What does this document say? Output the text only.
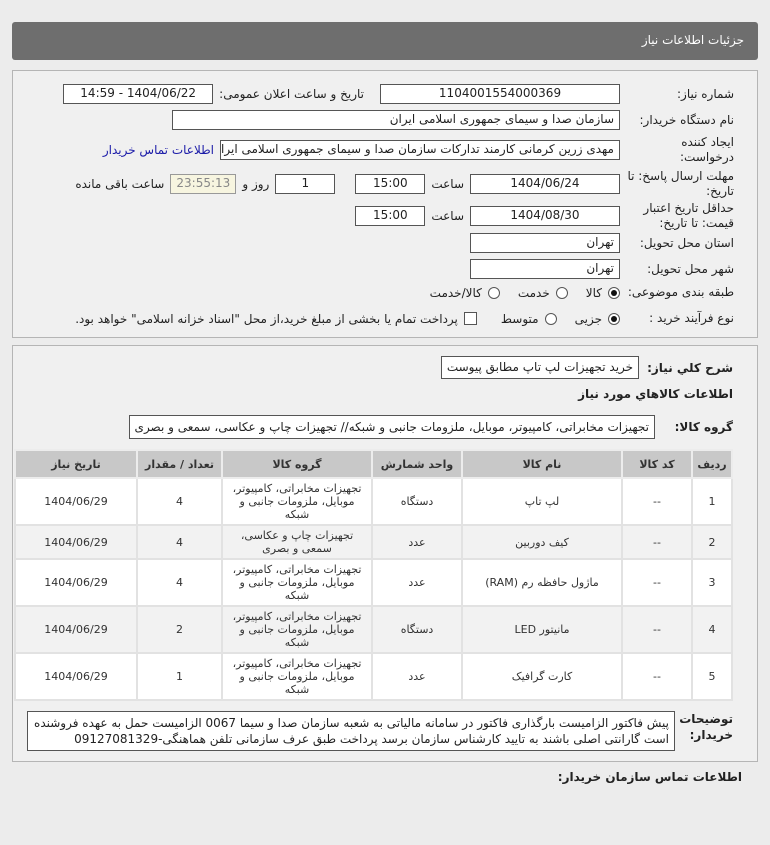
جزئیات اطلاعات نیاز
شماره نیاز:
1104001554000369
تاریخ و ساعت اعلان عمومی:
1404/06/22 - 14:59
نام دستگاه خریدار:
سازمان صدا و سیمای جمهوری اسلامی ایران
ایجاد کننده درخواست:
مهدی زرین کرمانی کارمند تدارکات سازمان صدا و سیمای جمهوری اسلامی ایرا
اطلاعات تماس خریدار
مهلت ارسال پاسخ: تا تاریخ:
1404/06/24
ساعت
15:00
1
روز و
23:55:13
ساعت باقی مانده
حداقل تاریخ اعتبار قیمت: تا تاریخ:
1404/08/30
ساعت
15:00
استان محل تحویل:
تهران
شهر محل تحویل:
تهران
طبقه بندی موضوعی:
کالا
خدمت
کالا/خدمت
نوع فرآیند خرید :
جزیی
متوسط
پرداخت تمام یا بخشی از مبلغ خرید،از محل "اسناد خزانه اسلامی" خواهد بود.
شرح کلي نياز:
خرید تجهیزات لپ تاپ مطابق پیوست
اطلاعات کالاهاي مورد نياز
گروه کالا:
تجهیزات مخابراتی، کامپیوتر، موبایل، ملزومات جانبی و شبکه// تجهیزات چاپ و عکاسی، سمعی و بصری
ردیف	کد کالا	نام کالا	واحد شمارش	گروه کالا	تعداد / مقدار	تاریخ نیاز
1	--	لپ تاپ	دستگاه	تجهیزات مخابراتی، کامپیوتر، موبایل، ملزومات جانبی و شبکه	4	1404/06/29
2	--	کیف دوربین	عدد	تجهیزات چاپ و عکاسی، سمعی و بصری	4	1404/06/29
3	--	ماژول حافظه رم (RAM)	عدد	تجهیزات مخابراتی، کامپیوتر، موبایل، ملزومات جانبی و شبکه	4	1404/06/29
4	--	مانیتور LED	دستگاه	تجهیزات مخابراتی، کامپیوتر، موبایل، ملزومات جانبی و شبکه	2	1404/06/29
5	--	کارت گرافیک	عدد	تجهیزات مخابراتی، کامپیوتر، موبایل، ملزومات جانبی و شبکه	1	1404/06/29
توضیحات خریدار:
پیش فاکتور الزامیست بارگذاری فاکتور در سامانه مالیاتی به شعبه سازمان صدا و سیما 0067 الزامیست حمل به عهده فروشنده است گارانتی اصلی باشند به تایید کارشناس سازمان برسد پرداخت طبق عرف سازمانی تلفن هماهنگی-09127081329
اطلاعات تماس سازمان خریدار:
